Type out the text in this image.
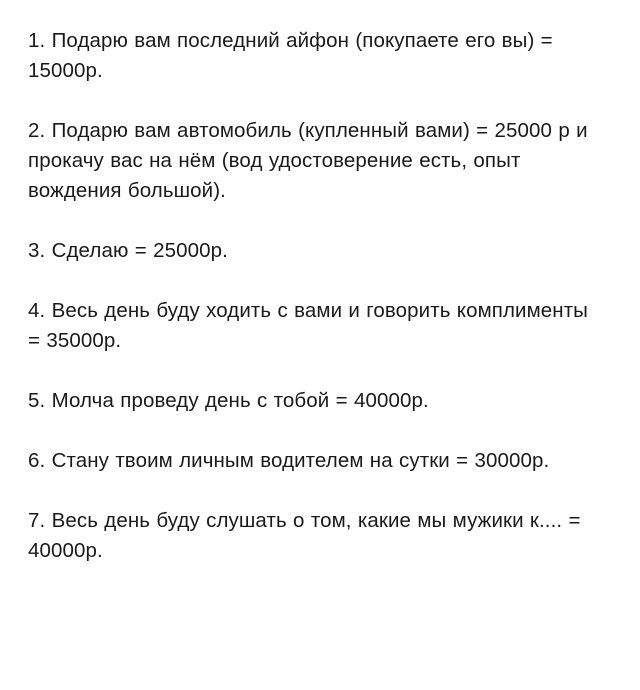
1. Подарю вам последний айфон (покупаете его вы) = 15000р.

2. Подарю вам автомобиль (купленный вами) = 25000 р и прокачу вас на нём (вод удостоверение есть, опыт вождения большой).

3. Сделаю = 25000р.

4. Весь день буду ходить с вами и говорить комплименты = 35000р.

5. Молча проведу день с тобой = 40000р.

6. Стану твоим личным водителем на сутки = 30000р.

7. Весь день буду слушать о том, какие мы мужики к.... = 40000р.
